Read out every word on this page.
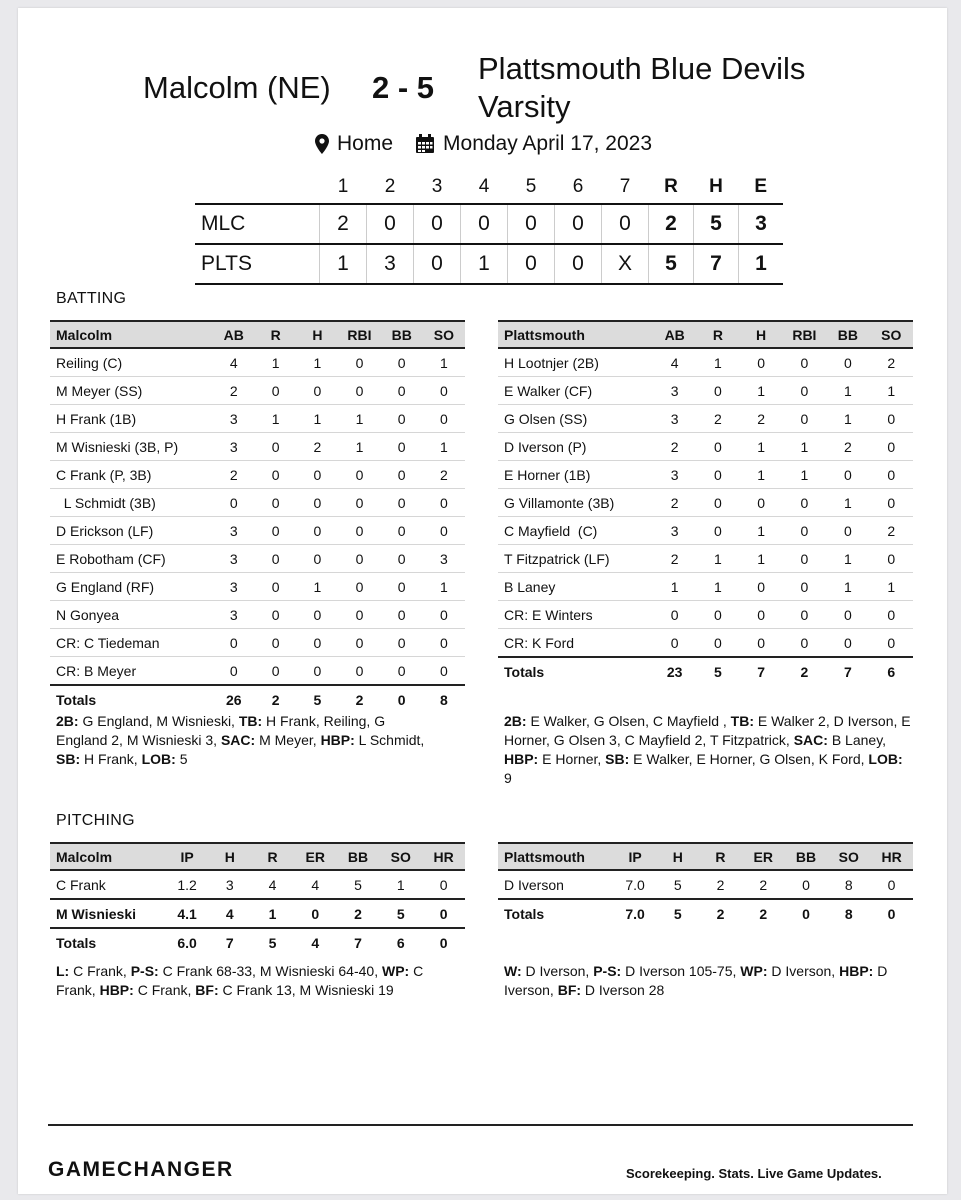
Malcolm (NE) 2 - 5
Plattsmouth Blue Devils Varsity
Home Monday April 17, 2023
	1	2	3	4	5	6	7	R	H	E
MLC	2	0	0	0	0	0	0	2	5	3
PLTS	1	3	0	1	0	0	X	5	7	1
BATTING
Malcolm	AB	R	H	RBI	BB	SO
Reiling (C)	4	1	1	0	0	1
M Meyer (SS)	2	0	0	0	0	0
H Frank (1B)	3	1	1	1	0	0
M Wisnieski (3B, P)	3	0	2	1	0	1
C Frank (P, 3B)	2	0	0	0	0	2
L Schmidt (3B)	0	0	0	0	0	0
D Erickson (LF)	3	0	0	0	0	0
E Robotham (CF)	3	0	0	0	0	3
G England (RF)	3	0	1	0	0	1
N Gonyea	3	0	0	0	0	0
CR: C Tiedeman	0	0	0	0	0	0
CR: B Meyer	0	0	0	0	0	0
Totals	26	2	5	2	0	8
Plattsmouth	AB	R	H	RBI	BB	SO
H Lootnjer (2B)	4	1	0	0	0	2
E Walker (CF)	3	0	1	0	1	1
G Olsen (SS)	3	2	2	0	1	0
D Iverson (P)	2	0	1	1	2	0
E Horner (1B)	3	0	1	1	0	0
G Villamonte (3B)	2	0	0	0	1	0
C Mayfield  (C)	3	0	1	0	0	2
T Fitzpatrick (LF)	2	1	1	0	1	0
B Laney	1	1	0	0	1	1
CR: E Winters	0	0	0	0	0	0
CR: K Ford	0	0	0	0	0	0
Totals	23	5	7	2	7	6
2B: G England, M Wisnieski, TB: H Frank, Reiling, G England 2, M Wisnieski 3, SAC: M Meyer, HBP: L Schmidt, SB: H Frank, LOB: 5
2B: E Walker, G Olsen, C Mayfield , TB: E Walker 2, D Iverson, E Horner, G Olsen 3, C Mayfield 2, T Fitzpatrick, SAC: B Laney, HBP: E Horner, SB: E Walker, E Horner, G Olsen, K Ford, LOB: 9
PITCHING
Malcolm	IP	H	R	ER	BB	SO	HR
C Frank	1.2	3	4	4	5	1	0
M Wisnieski	4.1	4	1	0	2	5	0
Totals	6.0	7	5	4	7	6	0
Plattsmouth	IP	H	R	ER	BB	SO	HR
D Iverson	7.0	5	2	2	0	8	0
Totals	7.0	5	2	2	0	8	0
L: C Frank, P-S: C Frank 68-33, M Wisnieski 64-40, WP: C Frank, HBP: C Frank, BF: C Frank 13, M Wisnieski 19
W: D Iverson, P-S: D Iverson 105-75, WP: D Iverson, HBP: D Iverson, BF: D Iverson 28
GAMECHANGER	Scorekeeping. Stats. Live Game Updates.
